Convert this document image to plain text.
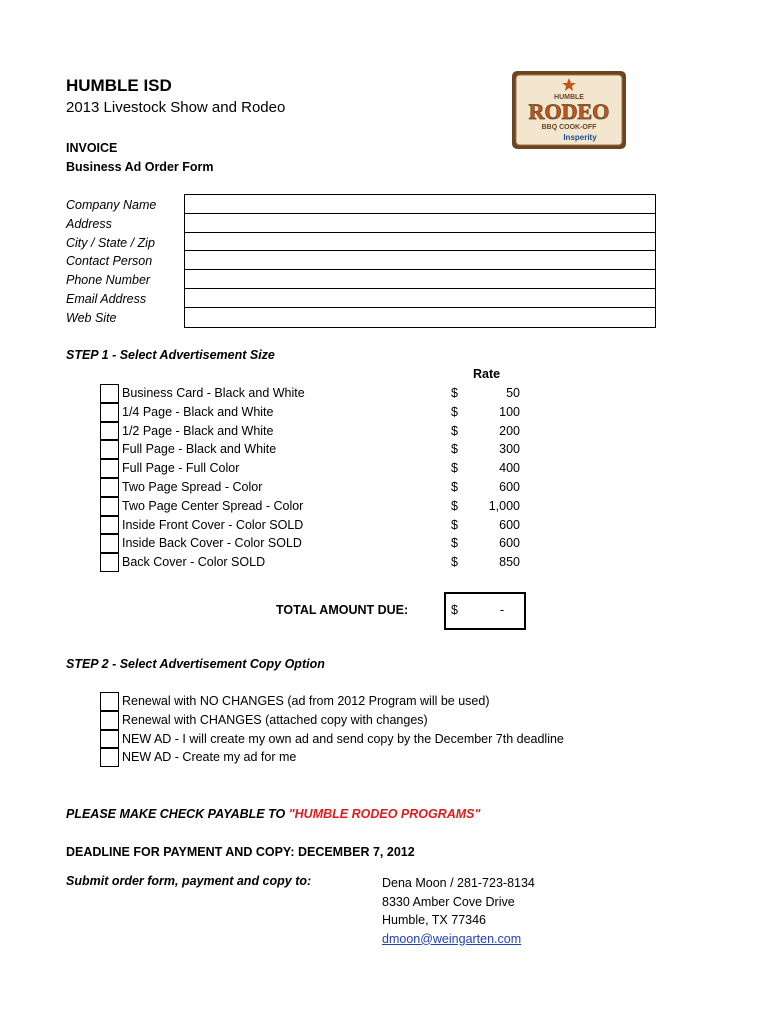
HUMBLE ISD
2013 Livestock Show and Rodeo
INVOICE
Business Ad Order Form
HUMBLE
RODEO
BBQ COOK-OFF
Insperity
Company Name
Address
City / State / Zip
Contact Person
Phone Number
Email Address
Web Site
STEP 1 - Select Advertisement Size
Rate
Business Card - Black and White	$	50
1/4 Page - Black and White	$	100
1/2 Page - Black and White	$	200
Full Page - Black and White	$	300
Full Page - Full Color	$	400
Two Page Spread - Color	$	600
Two Page Center Spread - Color	$	1,000
Inside Front Cover - Color SOLD	$	600
Inside Back Cover - Color SOLD	$	600
Back Cover - Color SOLD	$	850
TOTAL AMOUNT DUE:	$	-
STEP 2 - Select Advertisement Copy Option
Renewal with NO CHANGES (ad from 2012 Program will be used)
Renewal with CHANGES (attached copy with changes)
NEW AD - I will create my own ad and send copy by the December 7th deadline
NEW AD - Create my ad for me
PLEASE MAKE CHECK PAYABLE TO "HUMBLE RODEO PROGRAMS"
DEADLINE FOR PAYMENT AND COPY: DECEMBER 7, 2012
Submit order form, payment and copy to:	Dena Moon / 281-723-8134
8330 Amber Cove Drive
Humble, TX 77346
dmoon@weingarten.com
